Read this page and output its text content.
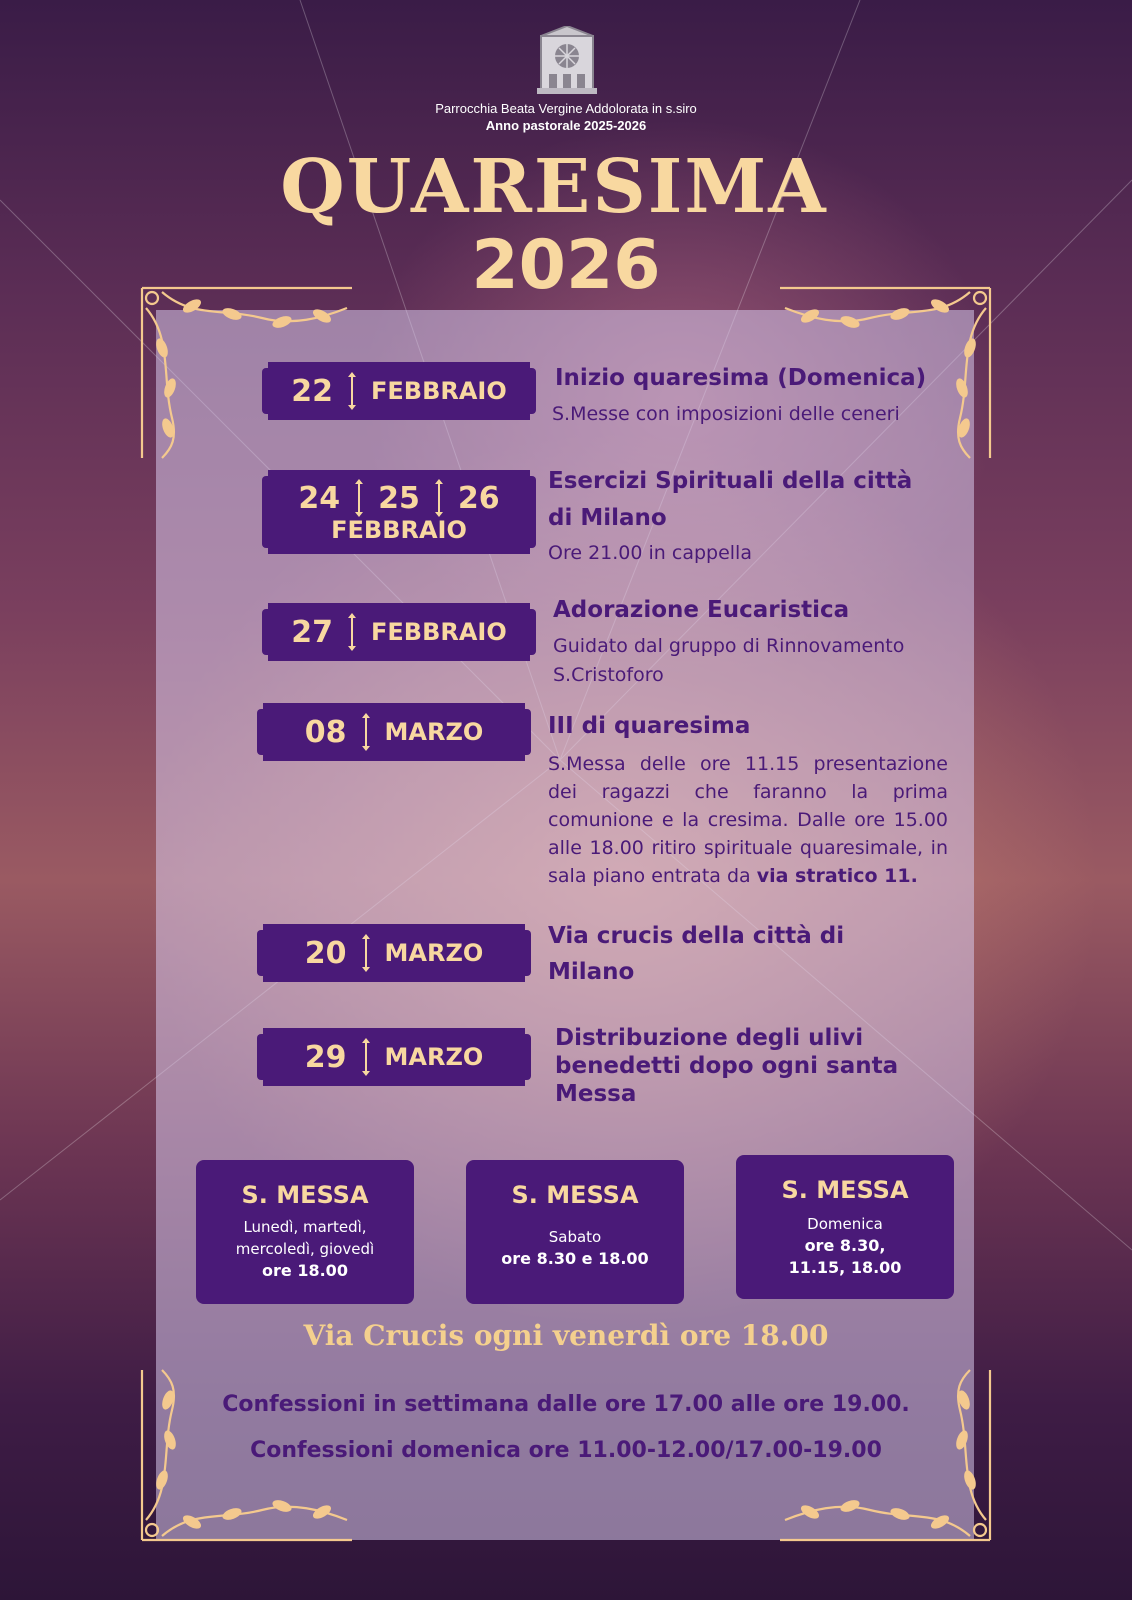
Parrocchia Beata Vergine Addolorata in s.siro
Anno pastorale 2025-2026
QUARESIMA
2026
22 FEBBRAIO Inizio quaresima (Domenica)
S.Messe con imposizioni delle ceneri
24 25 26
FEBBRAIO
Esercizi Spirituali della città
di Milano
Ore 21.00 in cappella
27 FEBBRAIO
Adorazione Eucaristica
Guidato dal gruppo di Rinnovamento
S.Cristoforo
08 MARZO	III di quaresima
S.Messa delle ore 11.15 presentazione dei ragazzi che faranno la prima comunione e la cresima. Dalle ore 15.00 alle 18.00 ritiro spirituale quaresimale, in sala piano entrata da via stratico 11.
20 MARZO
Via crucis della città di
Milano
29 MARZO
Distribuzione degli ulivi
benedetti dopo ogni santa
Messa
S. MESSA

Lunedì, martedì,

mercoledì, giovedì

ore 18.00

S. MESSA

Sabato

ore 8.30 e 18.00

S. MESSA

Domenica

ore 8.30,

11.15, 18.00

Via Crucis ogni venerdì ore 18.00
Confessioni in settimana dalle ore 17.00 alle ore 19.00.
Confessioni domenica ore 11.00-12.00/17.00-19.00
